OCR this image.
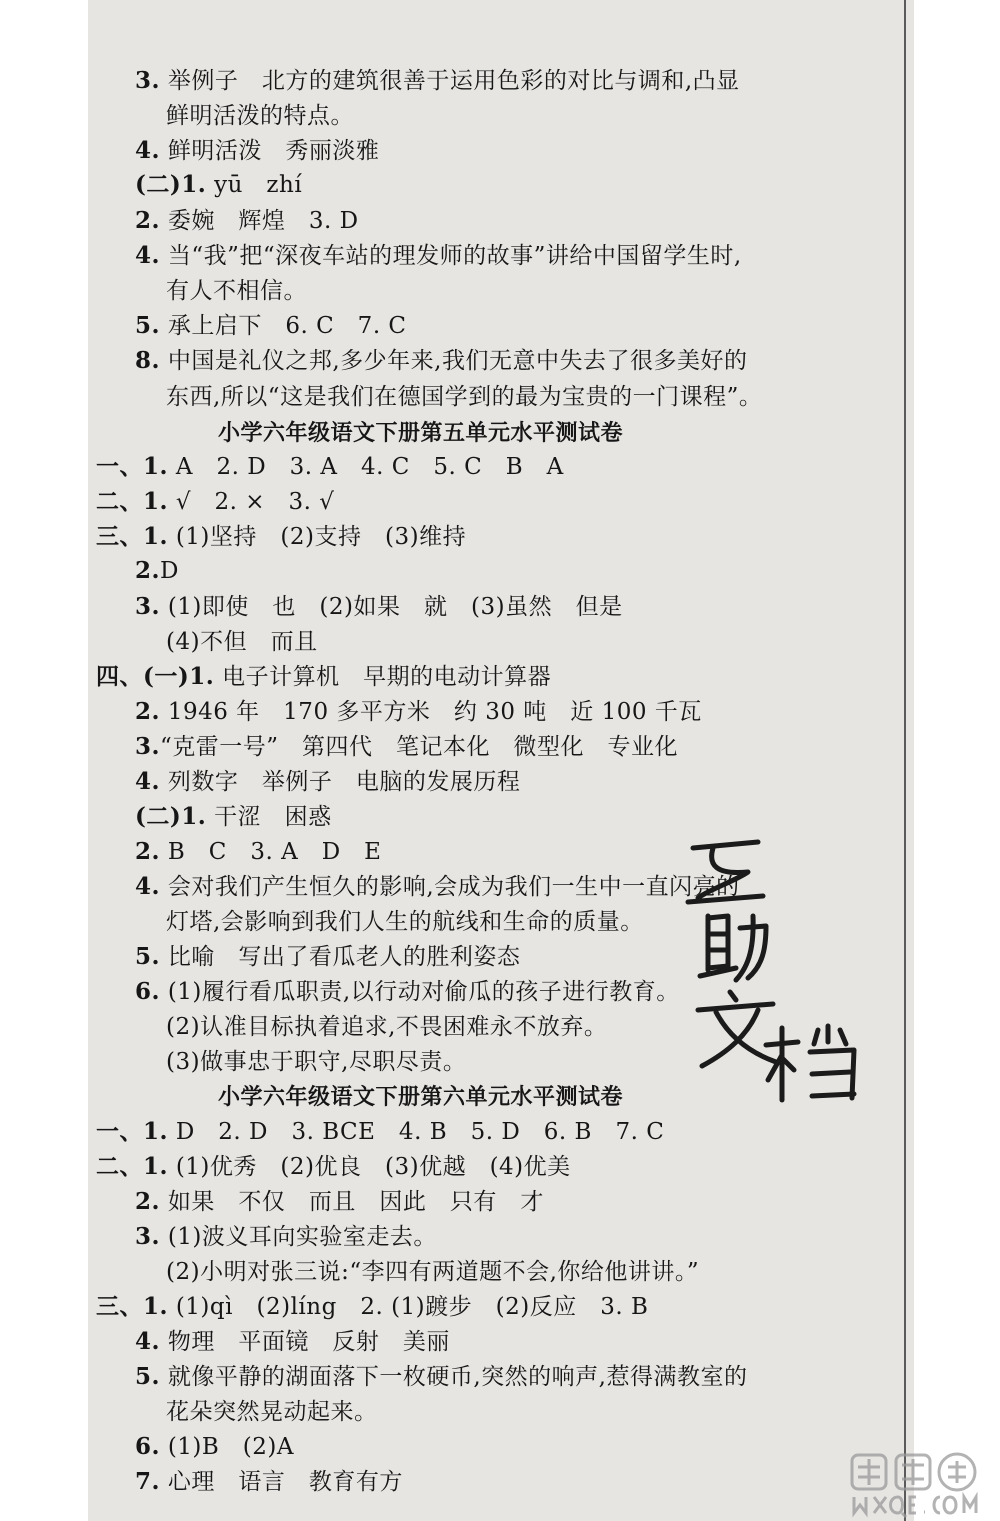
3. 举例子　北方的建筑很善于运用色彩的对比与调和,凸显
鲜明活泼的特点。
4. 鲜明活泼　秀丽淡雅
(二)1. yū　zhí
2. 委婉　辉煌　3. D
4. 当“我”把“深夜车站的理发师的故事”讲给中国留学生时,
有人不相信。
5. 承上启下　6. C　7. C
8. 中国是礼仪之邦,多少年来,我们无意中失去了很多美好的
东西,所以“这是我们在德国学到的最为宝贵的一门课程”。
小学六年级语文下册第五单元水平测试卷
一、1. A　2. D　3. A　4. C　5. C　B　A
二、1. √　2. ×　3. √
三、1. (1)坚持　(2)支持　(3)维持
2.D
3. (1)即使　也　(2)如果　就　(3)虽然　但是
(4)不但　而且
四、(一)1. 电子计算机　早期的电动计算器
2. 1946 年　170 多平方米　约 30 吨　近 100 千瓦
3.“克雷一号”　第四代　笔记本化　微型化　专业化
4. 列数字　举例子　电脑的发展历程
(二)1. 干涩　困惑
2. B　C　3. A　D　E
4. 会对我们产生恒久的影响,会成为我们一生中一直闪亮的
灯塔,会影响到我们人生的航线和生命的质量。
5. 比喻　写出了看瓜老人的胜利姿态
6. (1)履行看瓜职责,以行动对偷瓜的孩子进行教育。
(2)认准目标执着追求,不畏困难永不放弃。
(3)做事忠于职守,尽职尽责。
小学六年级语文下册第六单元水平测试卷
一、1. D　2. D　3. BCE　4. B　5. D　6. B　7. C
二、1. (1)优秀　(2)优良　(3)优越　(4)优美
2. 如果　不仅　而且　因此　只有　才
3. (1)波义耳向实验室走去。
(2)小明对张三说:“李四有两道题不会,你给他讲讲。”
三、1. (1)qì　(2)líng　2. (1)踱步　(2)反应　3. B
4. 物理　平面镜　反射　美丽
5. 就像平静的湖面落下一枚硬币,突然的响声,惹得满教室的
花朵突然晃动起来。
6. (1)B　(2)A
7. 心理　语言　教育有方
